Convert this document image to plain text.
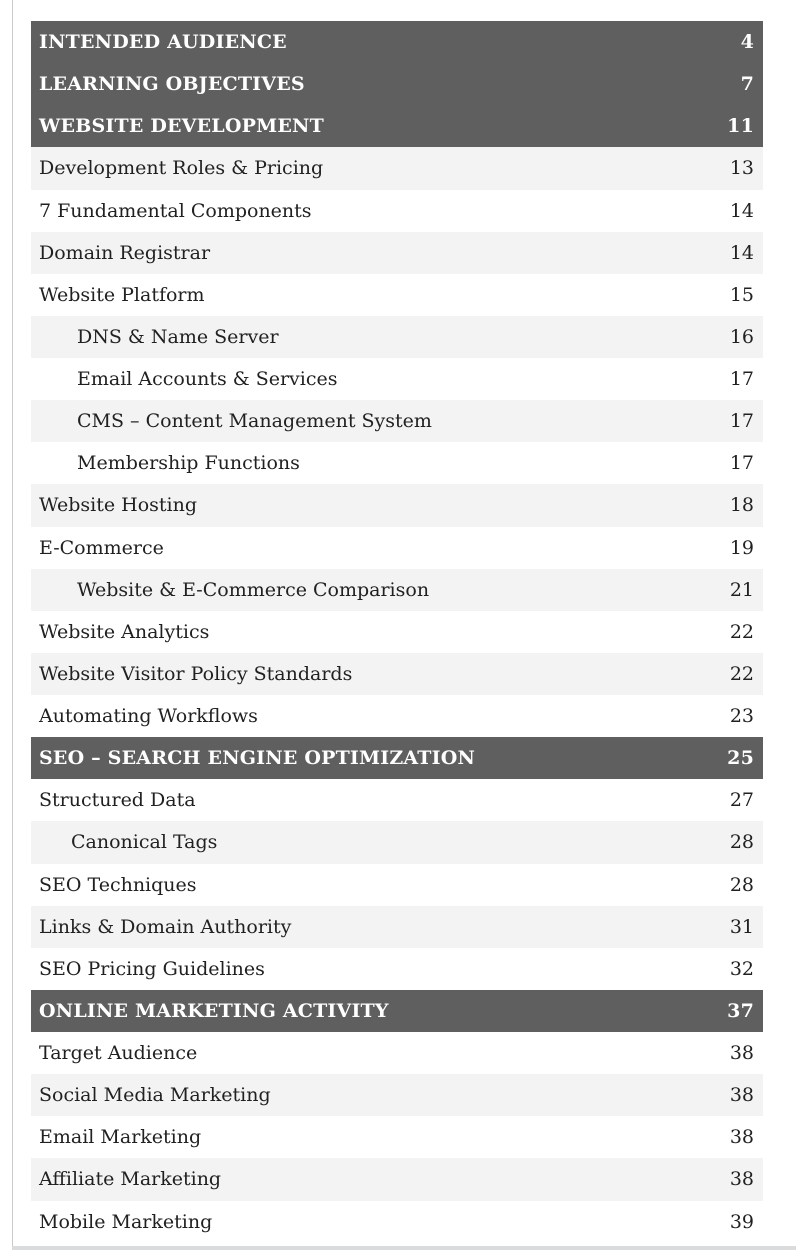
INTENDED AUDIENCE	4
LEARNING OBJECTIVES	7
WEBSITE DEVELOPMENT	11
Development Roles & Pricing	13
7 Fundamental Components	14
Domain Registrar	14
Website Platform	15
DNS & Name Server	16
Email Accounts & Services	17
CMS – Content Management System	17
Membership Functions	17
Website Hosting	18
E-Commerce	19
Website & E-Commerce Comparison	21
Website Analytics	22
Website Visitor Policy Standards	22
Automating Workflows	23
SEO – SEARCH ENGINE OPTIMIZATION	25
Structured Data	27
Canonical Tags	28
SEO Techniques	28
Links & Domain Authority	31
SEO Pricing Guidelines	32
ONLINE MARKETING ACTIVITY	37
Target Audience	38
Social Media Marketing	38
Email Marketing	38
Affiliate Marketing	38
Mobile Marketing	39
